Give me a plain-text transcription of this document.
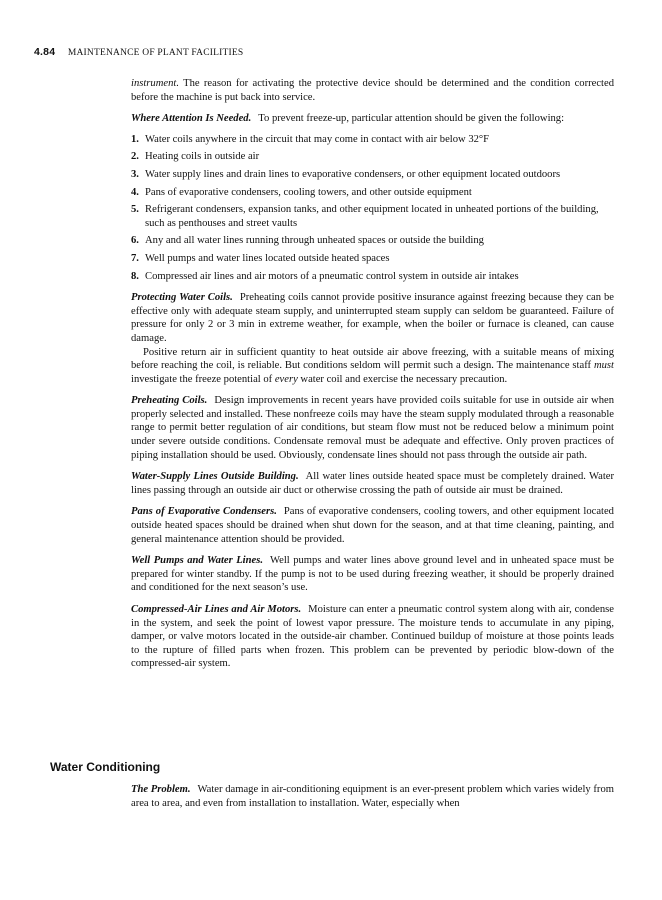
4.84 MAINTENANCE OF PLANT FACILITIES

instrument. The reason for activating the protective device should be determined and the condition corrected before the machine is put back into service.

Where Attention Is Needed. To prevent freeze-up, particular attention should be given the following:

1. Water coils anywhere in the circuit that may come in contact with air below 32°F
2. Heating coils in outside air
3. Water supply lines and drain lines to evaporative condensers, or other equipment located outdoors
4. Pans of evaporative condensers, cooling towers, and other outside equipment
5. Refrigerant condensers, expansion tanks, and other equipment located in unheated portions of the building, such as penthouses and street vaults
6. Any and all water lines running through unheated spaces or outside the building
7. Well pumps and water lines located outside heated spaces
8. Compressed air lines and air motors of a pneumatic control system in outside air intakes

Protecting Water Coils. Preheating coils cannot provide positive insurance against freezing because they can be effective only with adequate steam supply, and uninterrupted steam supply can seldom be guaranteed. Failure of pressure for only 2 or 3 min in extreme weather, for example, when the boiler or furnace is cleaned, can cause damage.

Positive return air in sufficient quantity to heat outside air above freezing, with a suitable means of mixing before reaching the coil, is reliable. But conditions seldom will permit such a design. The maintenance staff must investigate the freeze potential of every water coil and exercise the necessary precaution.

Preheating Coils. Design improvements in recent years have provided coils suitable for use in outside air when properly selected and installed. These nonfreeze coils may have the steam supply modulated through a reasonable range to permit better regulation of air conditions, but steam flow must not be reduced below a minimum point under severe outside conditions. Condensate removal must be adequate and effective. Only proven practices of piping installation should be used. Obviously, condensate lines should not pass through the outside air path.

Water-Supply Lines Outside Building. All water lines outside heated space must be completely drained. Water lines passing through an outside air duct or otherwise crossing the path of outside air must be drained.

Pans of Evaporative Condensers. Pans of evaporative condensers, cooling towers, and other equipment located outside heated spaces should be drained when shut down for the season, and at that time cleaning, painting, and general maintenance attention should be provided.

Well Pumps and Water Lines. Well pumps and water lines above ground level and in unheated space must be prepared for winter standby. If the pump is not to be used during freezing weather, it should be properly drained and conditioned for the next season’s use.

Compressed-Air Lines and Air Motors. Moisture can enter a pneumatic control system along with air, condense in the system, and seek the point of lowest vapor pressure. The moisture tends to accumulate in any piping, damper, or valve motors located in the outside-air chamber. Continued buildup of moisture at those points leads to the rupture of filled parts when frozen. This problem can be prevented by periodic blow-down of the compressed-air system.

Water Conditioning

The Problem. Water damage in air-conditioning equipment is an ever-present problem which varies widely from area to area, and even from installation to installation. Water, especially when
